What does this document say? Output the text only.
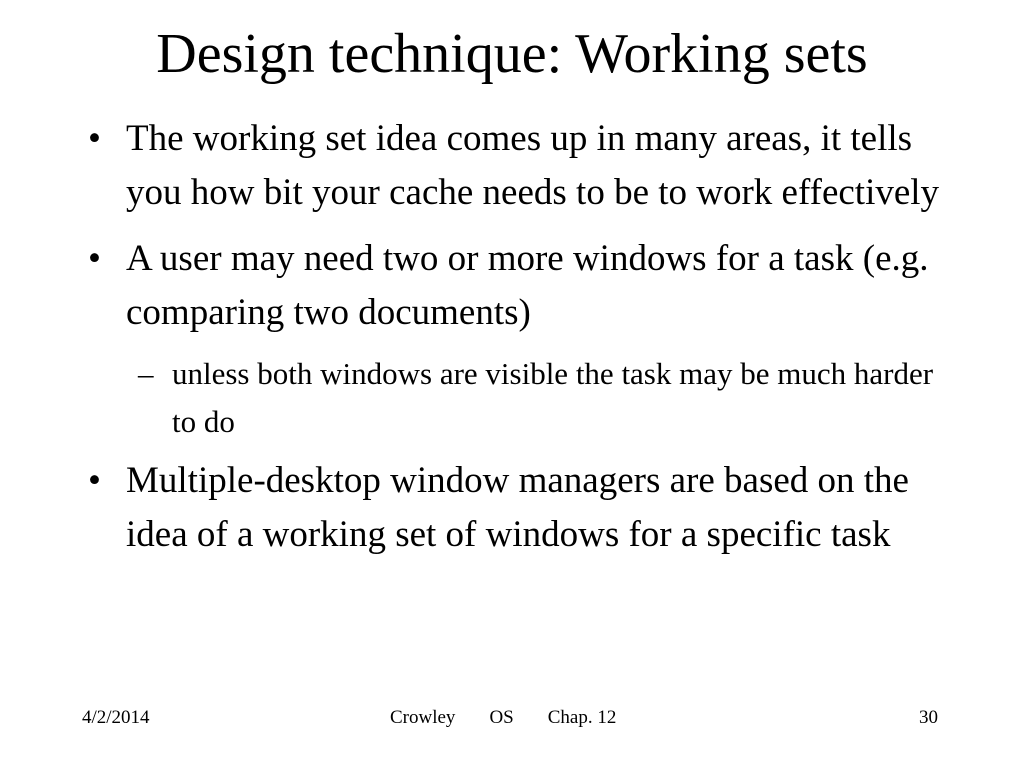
Design technique: Working sets
• The working set idea comes up in many areas, it tells you how bit your cache needs to be to work effectively
• A user may need two or more windows for a task (e.g. comparing two documents)
– unless both windows are visible the task may be much harder to do
• Multiple-desktop window managers are based on the idea of a working set of windows for a specific task
4/2/2014	Crowley OS Chap. 12	30
